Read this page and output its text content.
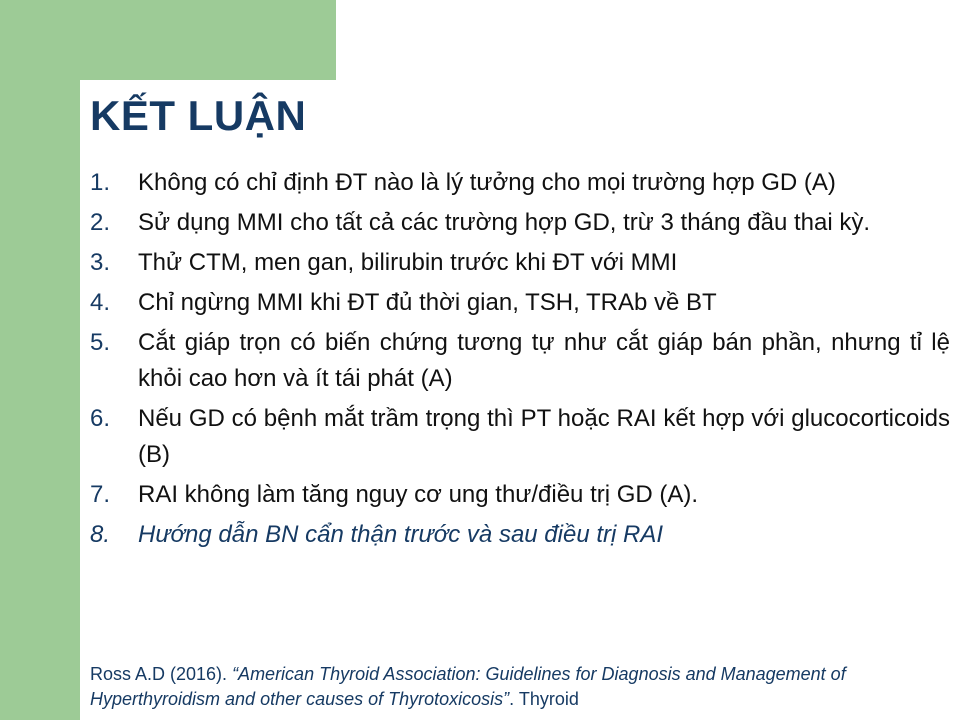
KẾT LUẬN
1.	Không có chỉ định ĐT nào là lý tưởng cho mọi trường hợp GD (A)
2.	Sử dụng MMI cho tất cả các trường hợp GD, trừ 3 tháng đầu thai kỳ.
3.	Thử CTM, men gan, bilirubin trước khi ĐT với MMI
4.	Chỉ ngừng MMI khi ĐT đủ thời gian, TSH, TRAb về BT
5.	Cắt giáp trọn có biến chứng tương tự như cắt giáp bán phần, nhưng tỉ lệ khỏi cao hơn và ít tái phát (A)
6.	Nếu GD có bệnh mắt trầm trọng thì PT hoặc RAI kết hợp với glucocorticoids (B)
7.	RAI không làm tăng nguy cơ ung thư/điều trị GD (A).
8.	Hướng dẫn BN cẩn thận trước và sau điều trị RAI

Ross A.D (2016). “American Thyroid Association: Guidelines for Diagnosis and Management of Hyperthyroidism and other causes of Thyrotoxicosis”. Thyroid
